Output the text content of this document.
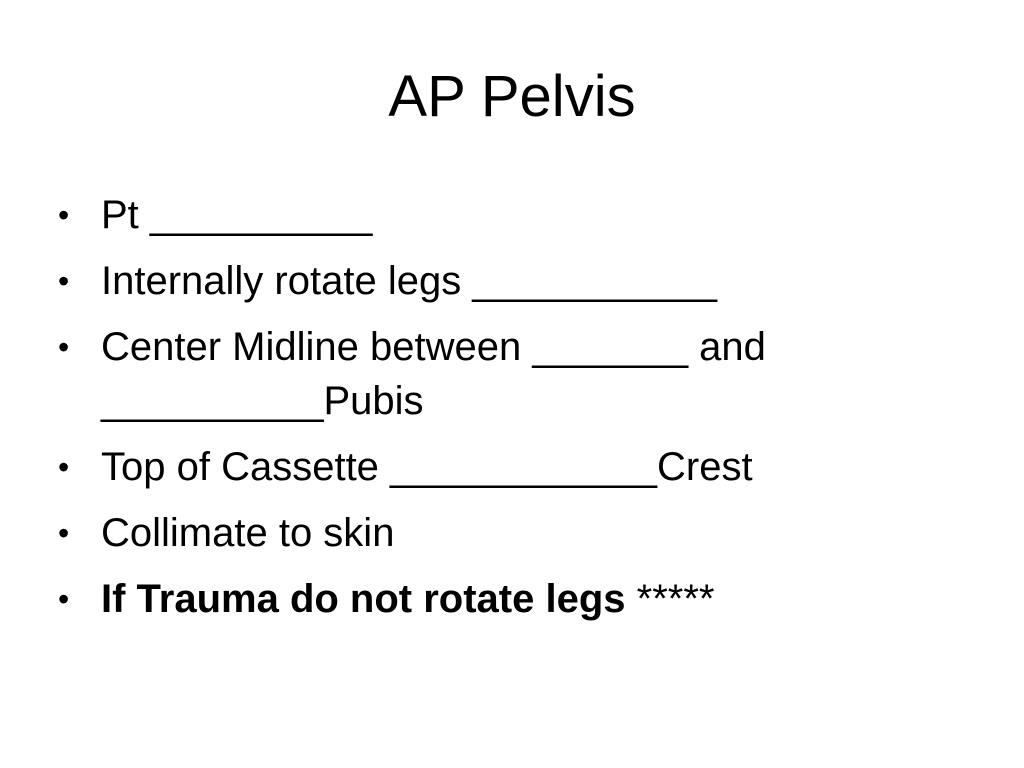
AP Pelvis
• Pt __________
• Internally rotate legs ___________
• Center Midline between _______ and
__________Pubis
• Top of Cassette ____________Crest
• Collimate to skin
• If Trauma do not rotate legs *****
